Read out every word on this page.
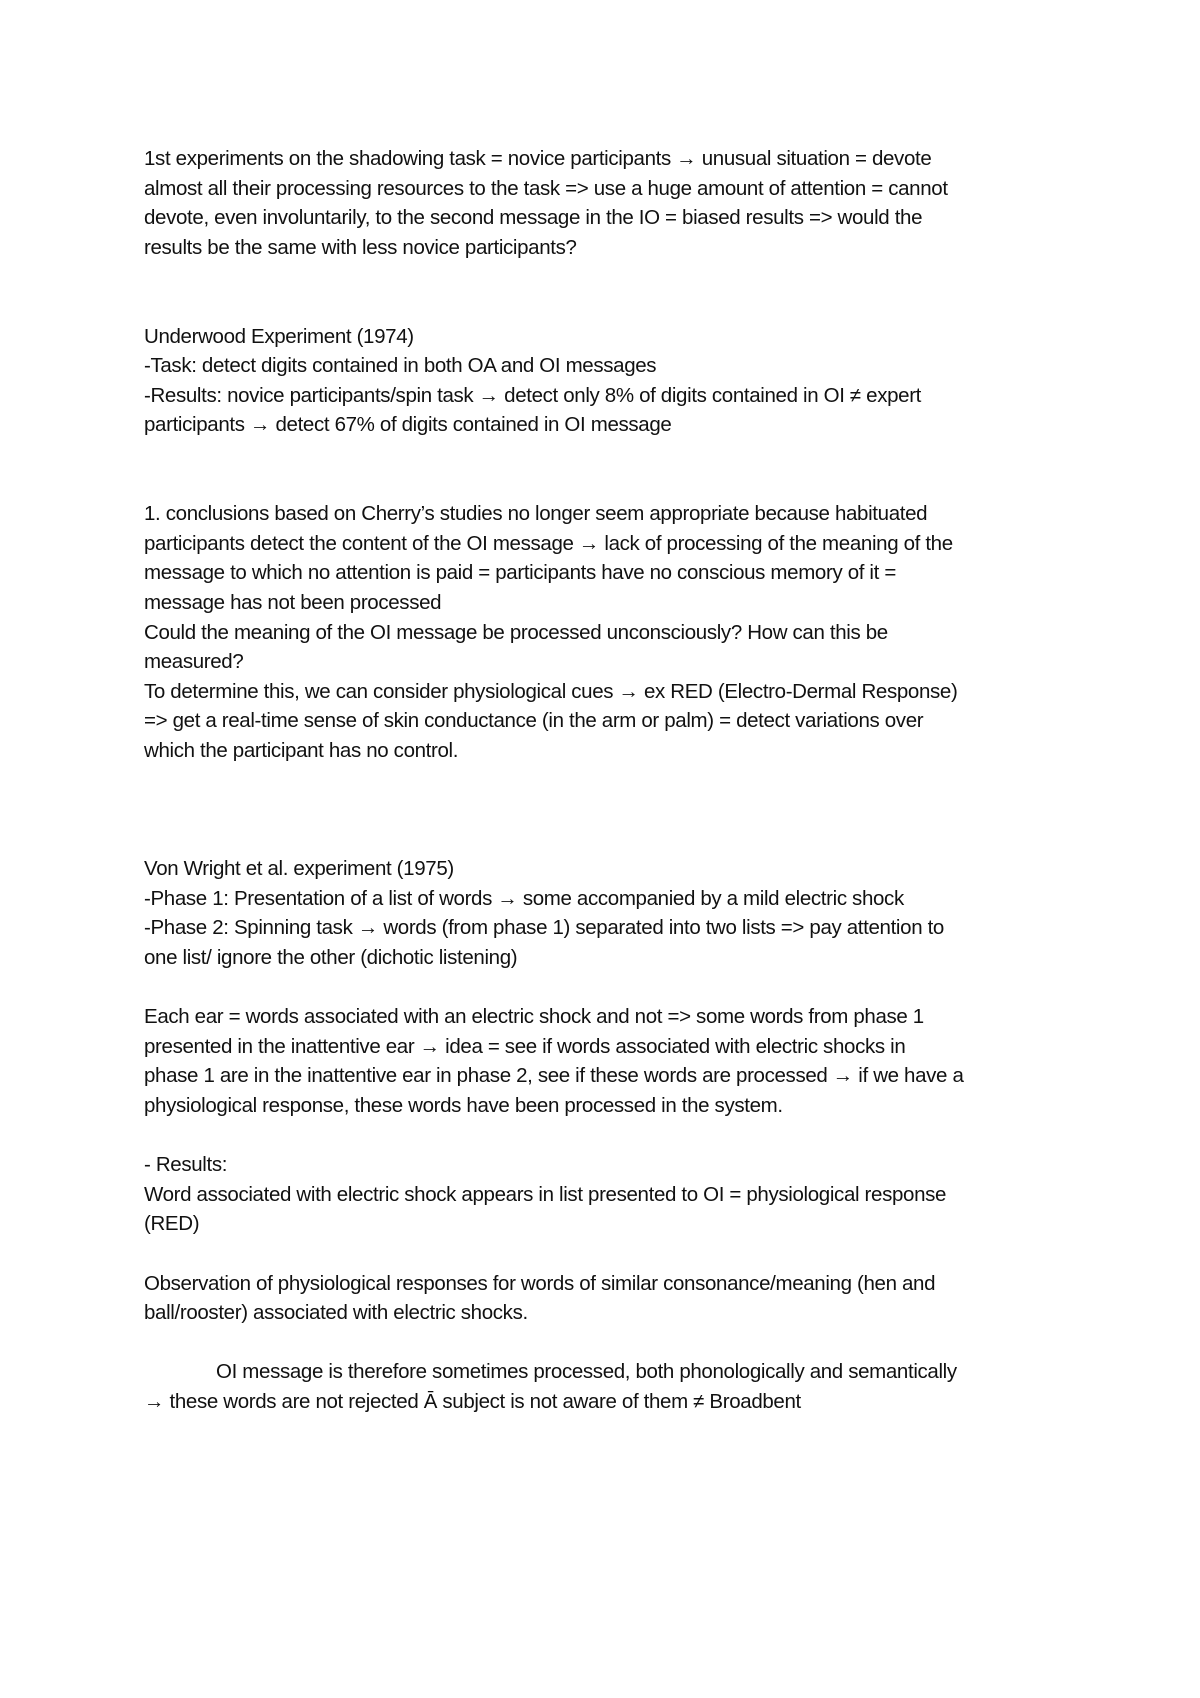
1st experiments on the shadowing task = novice participants → unusual situation = devote
almost all their processing resources to the task => use a huge amount of attention = cannot
devote, even involuntarily, to the second message in the IO = biased results => would the
results be the same with less novice participants?
Underwood Experiment (1974)
-Task: detect digits contained in both OA and OI messages
-Results: novice participants/spin task → detect only 8% of digits contained in OI ≠ expert
participants → detect 67% of digits contained in OI message
1. conclusions based on Cherry’s studies no longer seem appropriate because habituated
participants detect the content of the OI message → lack of processing of the meaning of the
message to which no attention is paid = participants have no conscious memory of it =
message has not been processed
Could the meaning of the OI message be processed unconsciously? How can this be
measured?
To determine this, we can consider physiological cues → ex RED (Electro-Dermal Response)
=> get a real-time sense of skin conductance (in the arm or palm) = detect variations over
which the participant has no control.
Von Wright et al. experiment (1975)
-Phase 1: Presentation of a list of words → some accompanied by a mild electric shock
-Phase 2: Spinning task → words (from phase 1) separated into two lists => pay attention to
one list/ ignore the other (dichotic listening)
Each ear = words associated with an electric shock and not => some words from phase 1
presented in the inattentive ear → idea = see if words associated with electric shocks in
phase 1 are in the inattentive ear in phase 2, see if these words are processed → if we have a
physiological response, these words have been processed in the system.
- Results:
Word associated with electric shock appears in list presented to OI = physiological response
(RED)
Observation of physiological responses for words of similar consonance/meaning (hen and
ball/rooster) associated with electric shocks.
OI message is therefore sometimes processed, both phonologically and semantically
→ these words are not rejected Ā subject is not aware of them ≠ Broadbent
